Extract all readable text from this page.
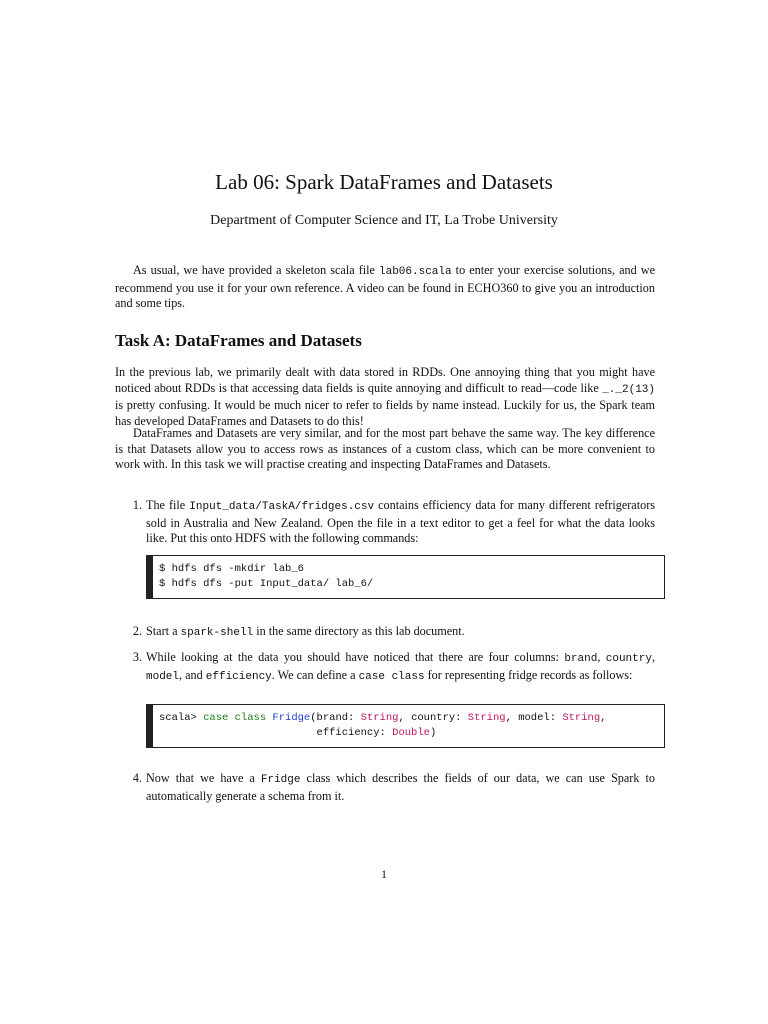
Lab 06: Spark DataFrames and Datasets
Department of Computer Science and IT, La Trobe University
As usual, we have provided a skeleton scala file lab06.scala to enter your exercise solutions, and we recommend you use it for your own reference. A video can be found in ECHO360 to give you an introduction and some tips.
Task A: DataFrames and Datasets
In the previous lab, we primarily dealt with data stored in RDDs. One annoying thing that you might have noticed about RDDs is that accessing data fields is quite annoying and difficult to read—code like _._2(13) is pretty confusing. It would be much nicer to refer to fields by name instead. Luckily for us, the Spark team has developed DataFrames and Datasets to do this!
DataFrames and Datasets are very similar, and for the most part behave the same way. The key difference is that Datasets allow you to access rows as instances of a custom class, which can be more convenient to work with. In this task we will practise creating and inspecting DataFrames and Datasets.
1. The file Input_data/TaskA/fridges.csv contains efficiency data for many different refrigerators sold in Australia and New Zealand. Open the file in a text editor to get a feel for what the data looks like. Put this onto HDFS with the following commands:
$ hdfs dfs -mkdir lab_6
$ hdfs dfs -put Input_data/ lab_6/
2. Start a spark-shell in the same directory as this lab document.
3. While looking at the data you should have noticed that there are four columns: brand, country, model, and efficiency. We can define a case class for representing fridge records as follows:
scala> case class Fridge(brand: String, country: String, model: String,
efficiency: Double)
4. Now that we have a Fridge class which describes the fields of our data, we can use Spark to automatically generate a schema from it.
1
